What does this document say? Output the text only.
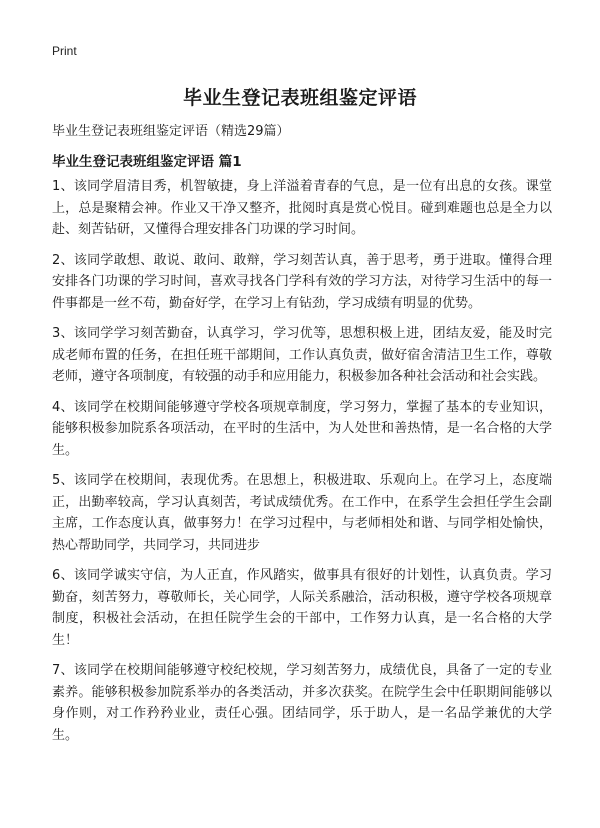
Print
毕业生登记表班组鉴定评语

毕业生登记表班组鉴定评语（精选29篇）

毕业生登记表班组鉴定评语 篇1

1、该同学眉清目秀，机智敏捷，身上洋溢着青春的气息，是一位有出息的女孩。课堂上，总是聚精会神。作业又干净又整齐，批阅时真是赏心悦目。碰到难题也总是全力以赴、刻苦钻研，又懂得合理安排各门功课的学习时间。

2、该同学敢想、敢说、敢问、敢辩，学习刻苦认真，善于思考，勇于进取。懂得合理安排各门功课的学习时间，喜欢寻找各门学科有效的学习方法，对待学习生活中的每一件事都是一丝不苟，勤奋好学，在学习上有钻劲，学习成绩有明显的优势。

3、该同学学习刻苦勤奋，认真学习，学习优等，思想积极上进，团结友爱，能及时完成老师布置的任务，在担任班干部期间，工作认真负责，做好宿舍清洁卫生工作，尊敬老师，遵守各项制度，有较强的动手和应用能力，积极参加各种社会活动和社会实践。

4、该同学在校期间能够遵守学校各项规章制度，学习努力，掌握了基本的专业知识，能够积极参加院系各项活动，在平时的生活中，为人处世和善热情，是一名合格的大学生。

5、该同学在校期间，表现优秀。在思想上，积极进取、乐观向上。在学习上，态度端正，出勤率较高，学习认真刻苦，考试成绩优秀。在工作中，在系学生会担任学生会副主席，工作态度认真，做事努力！在学习过程中，与老师相处和谐、与同学相处愉快，热心帮助同学，共同学习，共同进步

6、该同学诚实守信，为人正直，作风踏实，做事具有很好的计划性，认真负责。学习勤奋，刻苦努力，尊敬师长，关心同学，人际关系融洽，活动积极，遵守学校各项规章制度，积极社会活动，在担任院学生会的干部中，工作努力认真，是一名合格的大学生！

7、该同学在校期间能够遵守校纪校规，学习刻苦努力，成绩优良，具备了一定的专业素养。能够积极参加院系举办的各类活动，并多次获奖。在院学生会中任职期间能够以身作则，对工作矜矜业业，责任心强。团结同学，乐于助人，是一名品学兼优的大学生。
